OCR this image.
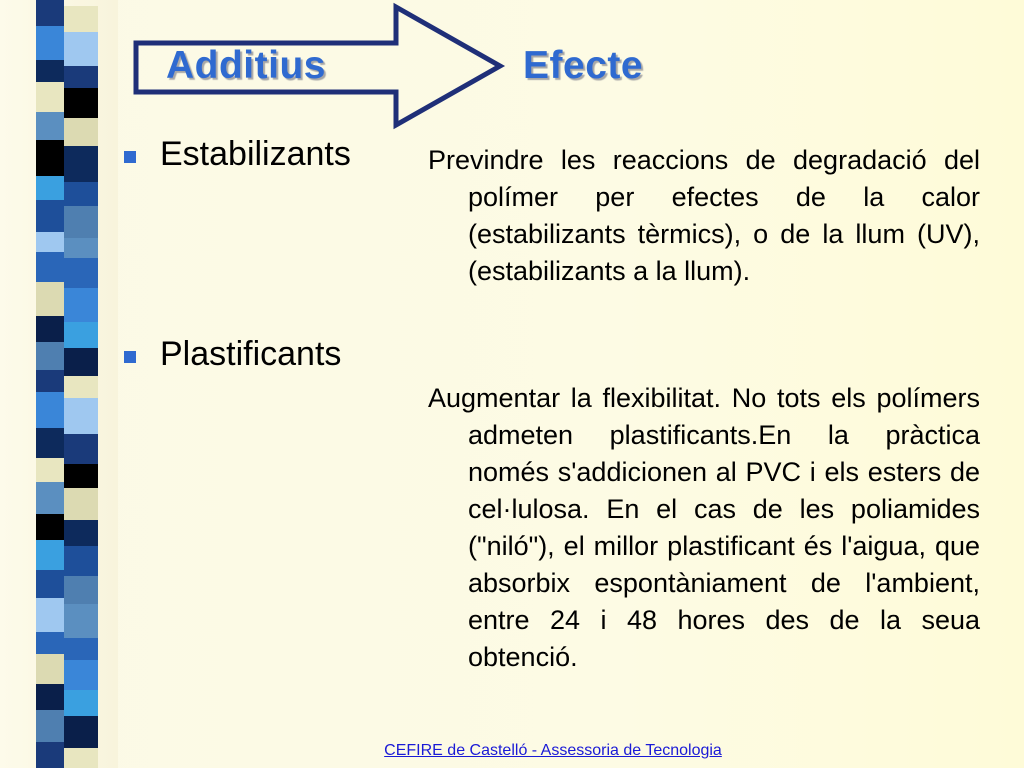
Additius	Efecte
Estabilizants	Previndre les reaccions de degradació del polímer per efectes de la calor (estabilizants tèrmics), o de la llum (UV), (estabilizants a la llum).
Plastificants
Augmentar la flexibilitat. No tots els polímers admeten plastificants.En la pràctica només s'addicionen al PVC i els esters de cel·lulosa. En el cas de les poliamides ("niló"), el millor plastificant és l'aigua, que absorbix espontàniament de l'ambient, entre 24 i 48 hores des de la seua obtenció.
CEFIRE de Castelló - Assessoria de Tecnologia
